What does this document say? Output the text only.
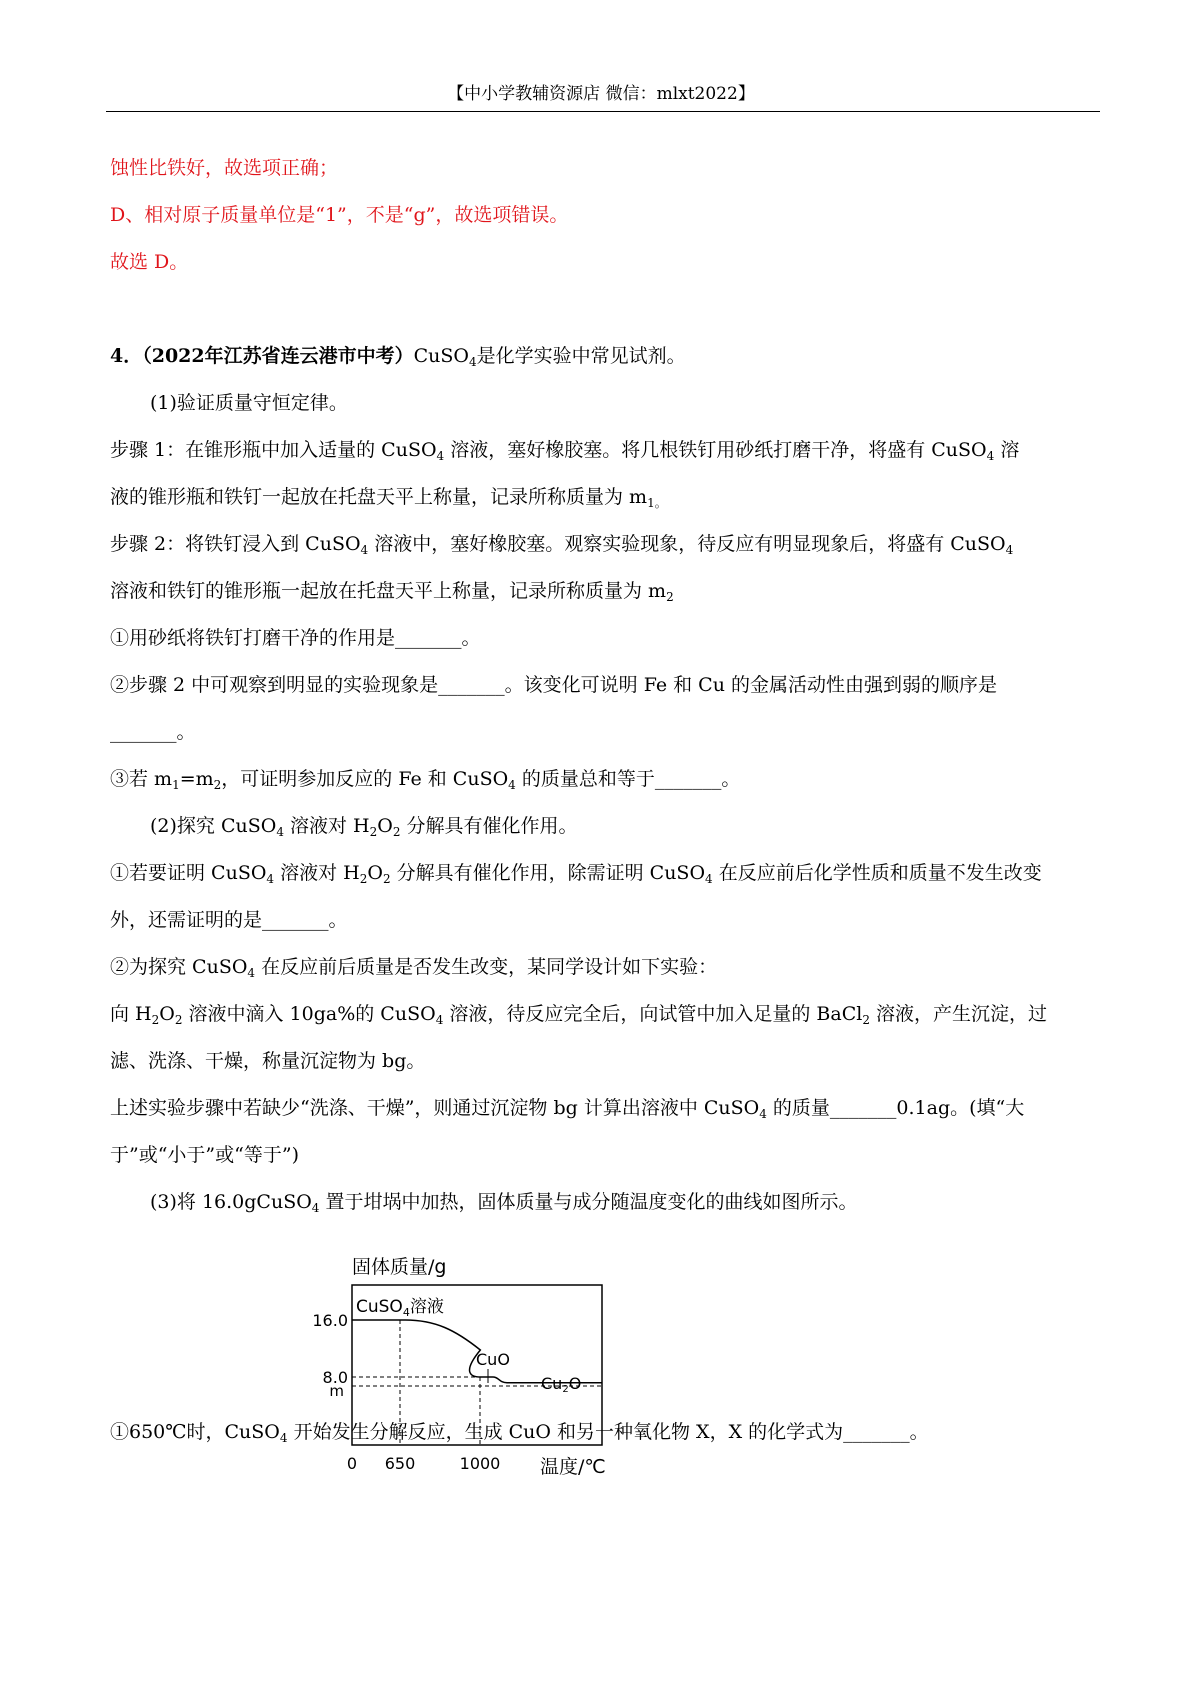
【中小学教辅资源店 微信：mlxt2022】
蚀性比铁好，故选项正确；
D、相对原子质量单位是“1”，不是“g”，故选项错误。
故选 D。
4．（2022年江苏省连云港市中考）CuSO$_4$是化学实验中常见试剂。
(1)验证质量守恒定律。
步骤 1：在锥形瓶中加入适量的 CuSO$_4$ 溶液，塞好橡胶塞。将几根铁钉用砂纸打磨干净，将盛有 CuSO$_4$ 溶
液的锥形瓶和铁钉一起放在托盘天平上称量，记录所称质量为 $m_{1。}$
步骤 2：将铁钉浸入到 CuSO$_4$ 溶液中，塞好橡胶塞。观察实验现象，待反应有明显现象后，将盛有 CuSO$_4$
溶液和铁钉的锥形瓶一起放在托盘天平上称量，记录所称质量为 $m_2$
①用砂纸将铁钉打磨干净的作用是_______。
②步骤 2 中可观察到明显的实验现象是_______。该变化可说明 Fe 和 Cu 的金属活动性由强到弱的顺序是
_______。
③若 $m_1=m_2$，可证明参加反应的 Fe 和 CuSO$_4$ 的质量总和等于_______。
(2)探究 CuSO$_4$ 溶液对 $H_2O_2$ 分解具有催化作用。
①若要证明 CuSO$_4$ 溶液对 $H_2O_2$ 分解具有催化作用，除需证明 CuSO$_4$ 在反应前后化学性质和质量不发生改变
外，还需证明的是_______。
②为探究 CuSO$_4$ 在反应前后质量是否发生改变，某同学设计如下实验：
向 $H_2O_2$ 溶液中滴入 10ga%的 CuSO$_4$ 溶液，待反应完全后，向试管中加入足量的 BaCl$_2$ 溶液，产生沉淀，过
滤、洗涤、干燥，称量沉淀物为 bg。
上述实验步骤中若缺少“洗涤、干燥”，则通过沉淀物 bg 计算出溶液中 CuSO$_4$ 的质量_______0.1ag。(填“大
于”或“小于”或“等于”)
(3)将 16.0gCuSO$_4$ 置于坩埚中加热，固体质量与成分随温度变化的曲线如图所示。
固体质量/g
CuSO$_4$溶液
CuO
Cu2O
16.0
8.0
m
0 650	1000 温度/℃
①650℃时，CuSO$_4$ 开始发生分解反应，生成 CuO 和另一种氧化物 X，X 的化学式为_______。
